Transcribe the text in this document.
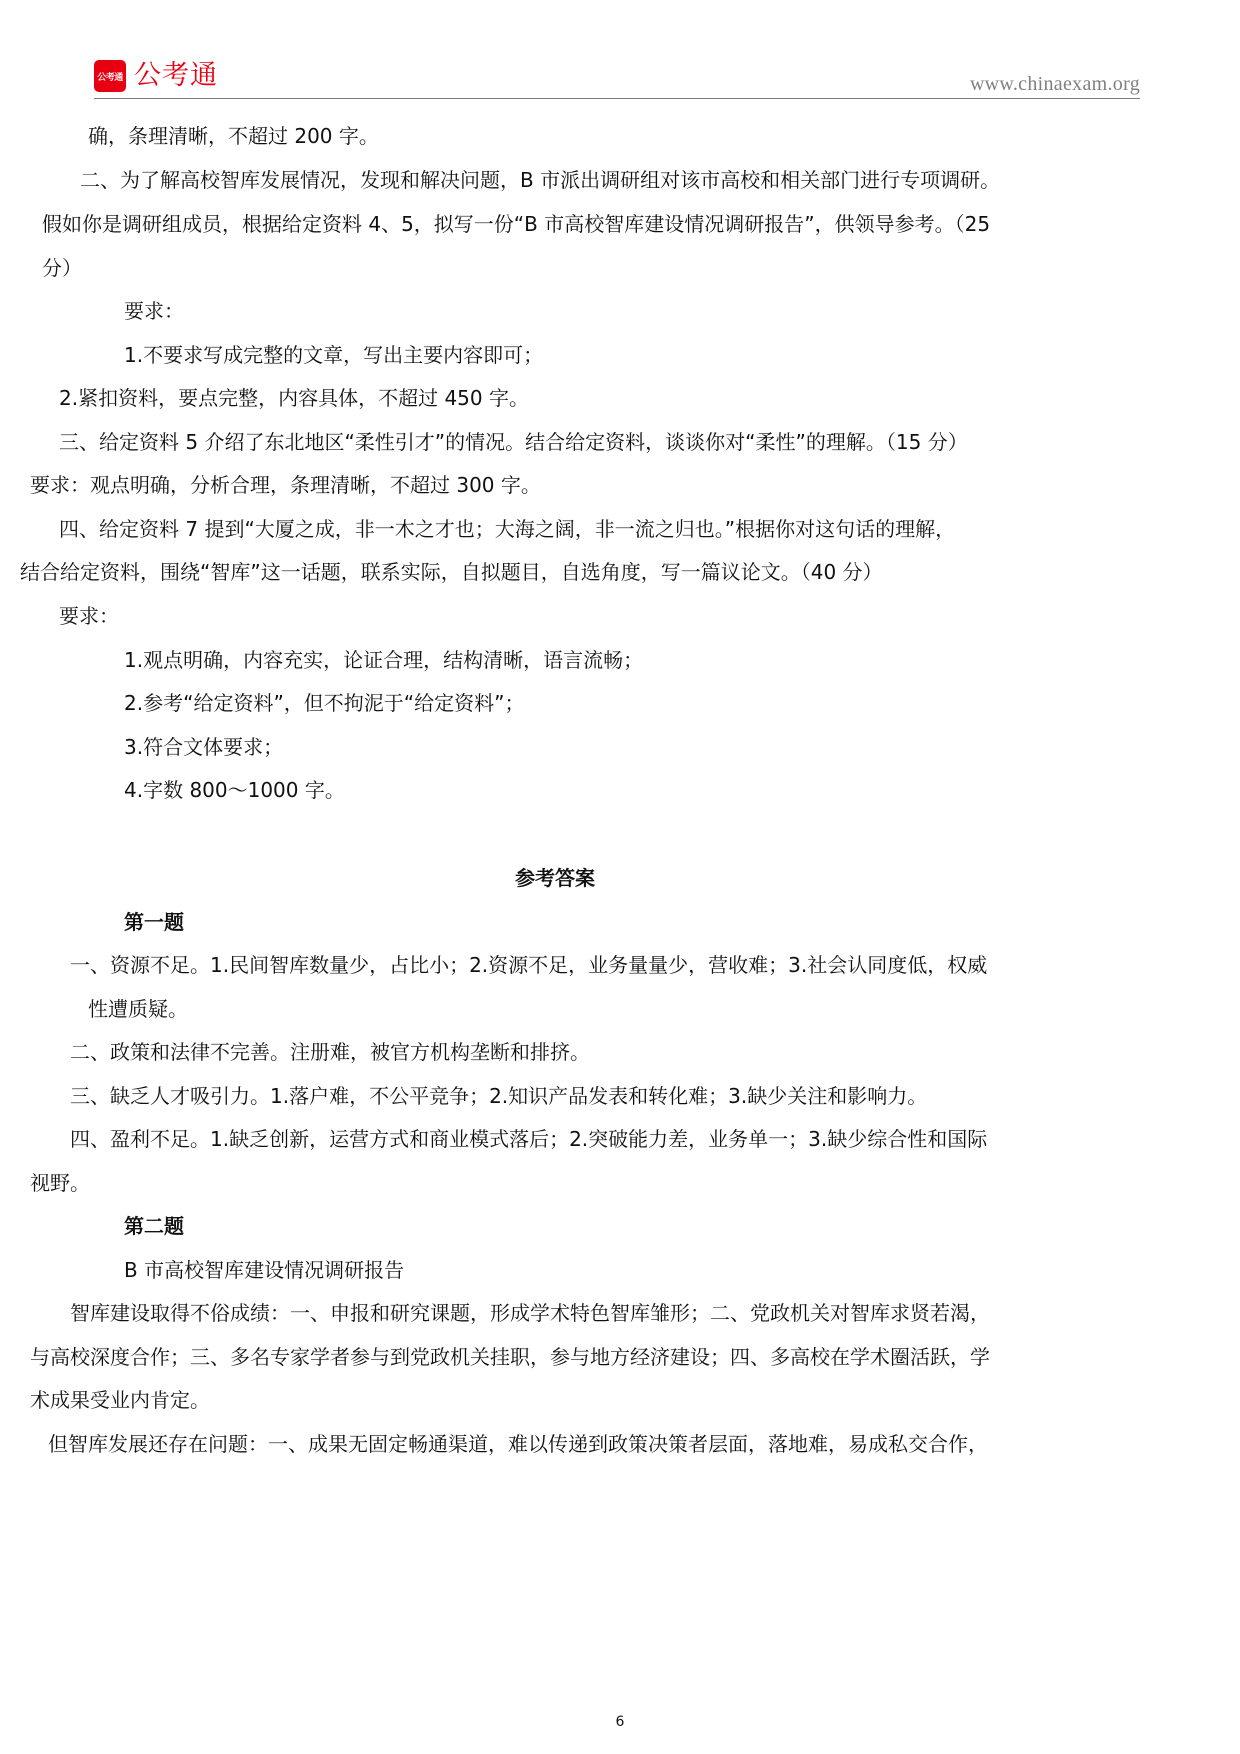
公考通 公考通	www.chinaexam.org
确，条理清晰，不超过 200 字。
二、为了解高校智库发展情况，发现和解决问题，B 市派出调研组对该市高校和相关部门进行专项调研。
假如你是调研组成员，根据给定资料 4、5，拟写一份“B 市高校智库建设情况调研报告”，供领导参考。（25
分）
要求：
1.不要求写成完整的文章，写出主要内容即可；
2.紧扣资料，要点完整，内容具体，不超过 450 字。
三、给定资料 5 介绍了东北地区“柔性引才”的情况。结合给定资料，谈谈你对“柔性”的理解。（15 分）
要求：观点明确，分析合理，条理清晰，不超过 300 字。
四、给定资料 7 提到“大厦之成，非一木之才也；大海之阔，非一流之归也。”根据你对这句话的理解，
结合给定资料，围绕“智库”这一话题，联系实际，自拟题目，自选角度，写一篇议论文。（40 分）
要求：
1.观点明确，内容充实，论证合理，结构清晰，语言流畅；
2.参考“给定资料”，但不拘泥于“给定资料”；
3.符合文体要求；
4.字数 800～1000 字。
参考答案
第一题
一、资源不足。1.民间智库数量少，占比小；2.资源不足，业务量量少，营收难；3.社会认同度低，权威
性遭质疑。
二、政策和法律不完善。注册难，被官方机构垄断和排挤。
三、缺乏人才吸引力。1.落户难，不公平竞争；2.知识产品发表和转化难；3.缺少关注和影响力。
四、盈利不足。1.缺乏创新，运营方式和商业模式落后；2.突破能力差，业务单一；3.缺少综合性和国际
视野。
第二题
B 市高校智库建设情况调研报告
智库建设取得不俗成绩：一、申报和研究课题，形成学术特色智库雏形；二、党政机关对智库求贤若渴，
与高校深度合作；三、多名专家学者参与到党政机关挂职，参与地方经济建设；四、多高校在学术圈活跃，学
术成果受业内肯定。
但智库发展还存在问题：一、成果无固定畅通渠道，难以传递到政策决策者层面，落地难，易成私交合作，
6
